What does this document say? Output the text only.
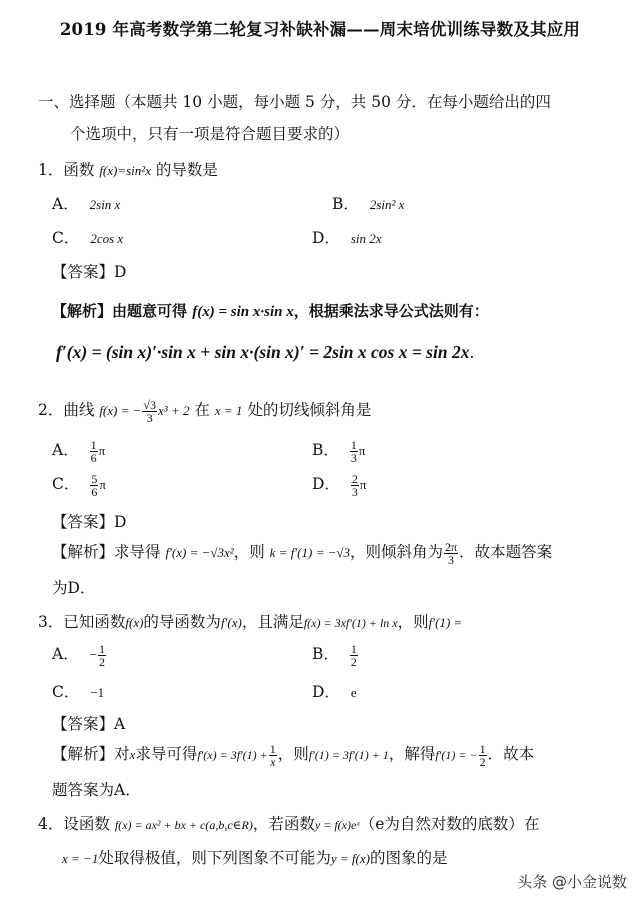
2019 年高考数学第二轮复习补缺补漏——周末培优训练导数及其应用
一、选择题（本题共 10 小题，每小题 5 分，共 50 分．在每小题给出的四
个选项中，只有一项是符合题目要求的）
1．函数 f(x)=sin²x 的导数是
A． 2sin x	B． 2sin² x
C． 2cos x	D． sin 2x
【答案】D
【解析】由题意可得 f(x) = sin x·sin x，根据乘法求导公式法则有：
f′(x) = (sin x)′·sin x + sin x·(sin x)′ = 2sin x cos x = sin 2x.
2．曲线 f(x) = − $\frac{√3}{3} x^3 + 2$ 在 x = 1 处的切线倾斜角是
A． $\frac{1}{6}$ π	B． $\frac{1}{3}$ π
C． $\frac{5}{6}$ π	D． $\frac{2}{3}$ π
【答案】D
【解析】求导得 f′(x) = −√3x²，则 k = f′(1) = −√3，则倾斜角为 $\frac{2\pi}{3}$ ．故本题答案
为D．
3．已知函数f(x)的导函数为f′(x)，且满足f(x) = 3xf′(1) + ln x，则f′(1) =
A． − $\frac{1}{2}$	B． $\frac{1}{2}$
C． −1	D． e
【答案】A
【解析】对x求导可得$f'(x) = 3f'(1) + \frac{1}{x}$ ，则f′(1) = 3f′(1) + 1，解得f′(1) = − $\frac{1}{2}$ ．故本
题答案为A．
4．设函数 f(x) = ax² + bx + c(a,b,c∈R)，若函数y = f(x)eˣ（e为自然对数的底数）在
x = −1处取得极值，则下列图象不可能为y = f(x)的图象的是
头条 @小金说数
